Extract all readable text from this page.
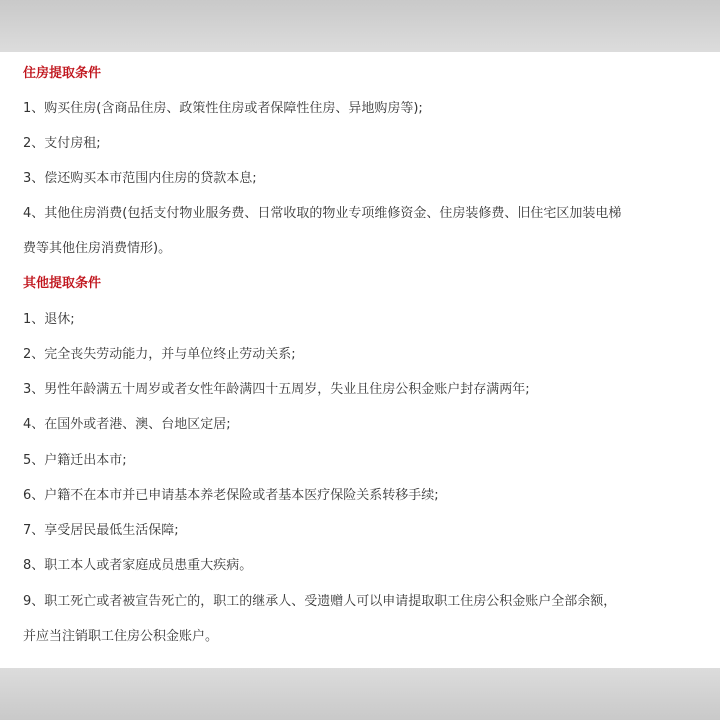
住房提取条件
1、购买住房(含商品住房、政策性住房或者保障性住房、异地购房等);
2、支付房租;
3、偿还购买本市范围内住房的贷款本息;
4、其他住房消费(包括支付物业服务费、日常收取的物业专项维修资金、住房装修费、旧住宅区加装电梯
费等其他住房消费情形)。
其他提取条件
1、退休;
2、完全丧失劳动能力，并与单位终止劳动关系;
3、男性年龄满五十周岁或者女性年龄满四十五周岁，失业且住房公积金账户封存满两年;
4、在国外或者港、澳、台地区定居;
5、户籍迁出本市;
6、户籍不在本市并已申请基本养老保险或者基本医疗保险关系转移手续;
7、享受居民最低生活保障;
8、职工本人或者家庭成员患重大疾病。
9、职工死亡或者被宣告死亡的，职工的继承人、受遗赠人可以申请提取职工住房公积金账户全部余额，
并应当注销职工住房公积金账户。
